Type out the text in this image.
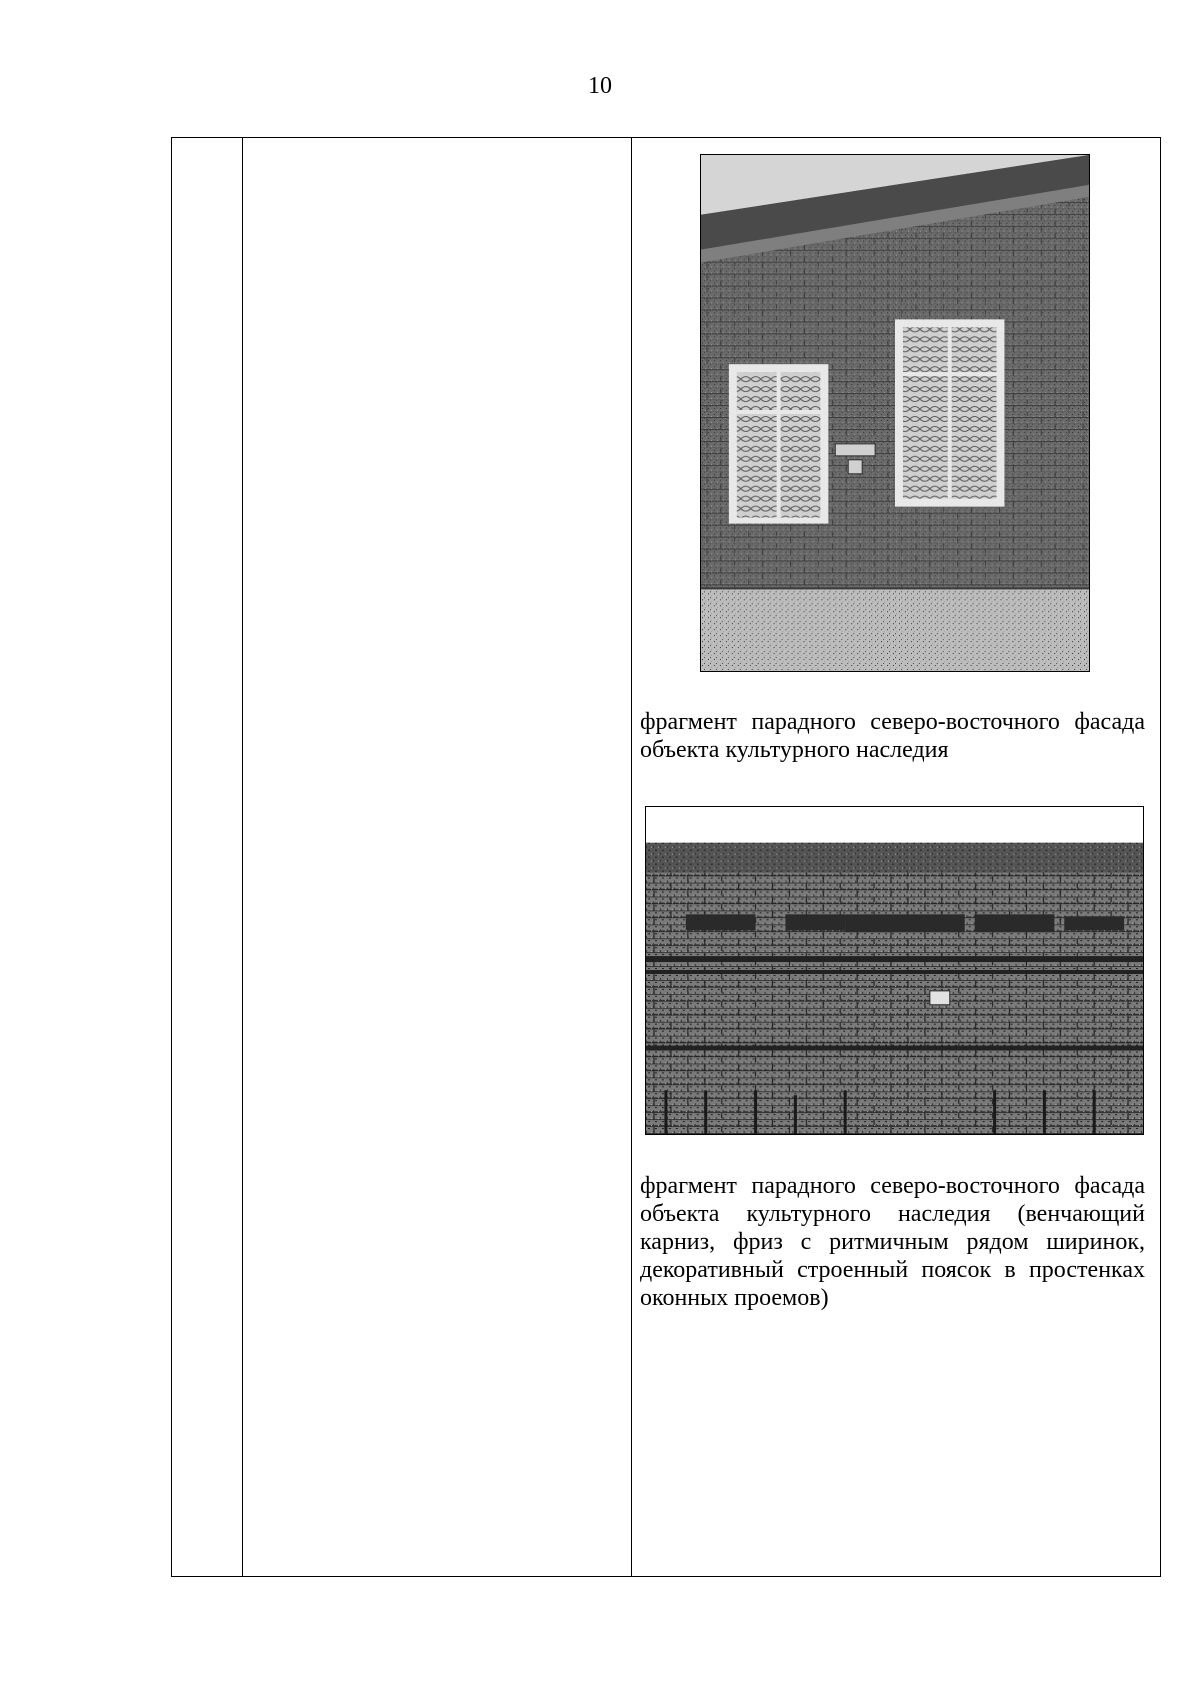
10

фрагмент парадного северо-восточного фасада объекта культурного наследия

фрагмент парадного северо-восточного фасада объекта культурного наследия (венчающий карниз, фриз с ритмичным рядом ширинок, декоративный строенный поясок в простенках оконных проемов)
